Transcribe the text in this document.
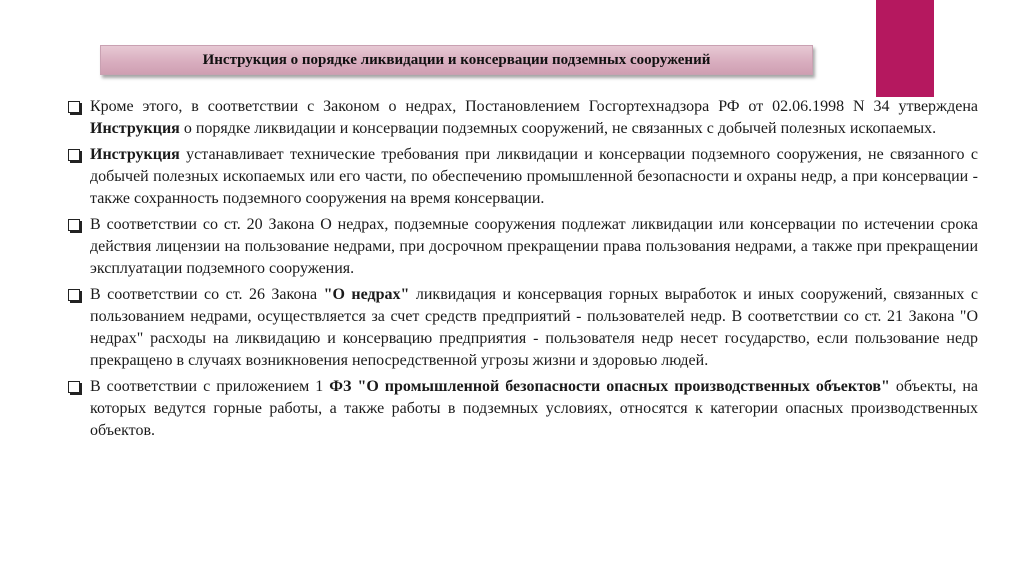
Инструкция о порядке ликвидации и консервации подземных сооружений

Кроме этого, в соответствии с Законом о недрах, Постановлением Госгортехнадзора РФ от 02.06.1998 N 34 утверждена Инструкция о порядке ликвидации и консервации подземных сооружений, не связанных с добычей полезных ископаемых.

Инструкция устанавливает технические требования при ликвидации и консервации подземного сооружения, не связанного с добычей полезных ископаемых или его части, по обеспечению промышленной безопасности и охраны недр, а при консервации - также сохранность подземного сооружения на время консервации.

В соответствии со ст. 20 Закона О недрах, подземные сооружения подлежат ликвидации или консервации по истечении срока действия лицензии на пользование недрами, при досрочном прекращении права пользования недрами, а также при прекращении эксплуатации подземного сооружения.

В соответствии со ст. 26 Закона "О недрах" ликвидация и консервация горных выработок и иных сооружений, связанных с пользованием недрами, осуществляется за счет средств предприятий - пользователей недр. В соответствии со ст. 21 Закона "О недрах" расходы на ликвидацию и консервацию предприятия - пользователя недр несет государство, если пользование недр прекращено в случаях возникновения непосредственной угрозы жизни и здоровью людей.

В соответствии с приложением 1 ФЗ "О промышленной безопасности опасных производственных объектов" объекты, на которых ведутся горные работы, а также работы в подземных условиях, относятся к категории опасных производственных объектов.
